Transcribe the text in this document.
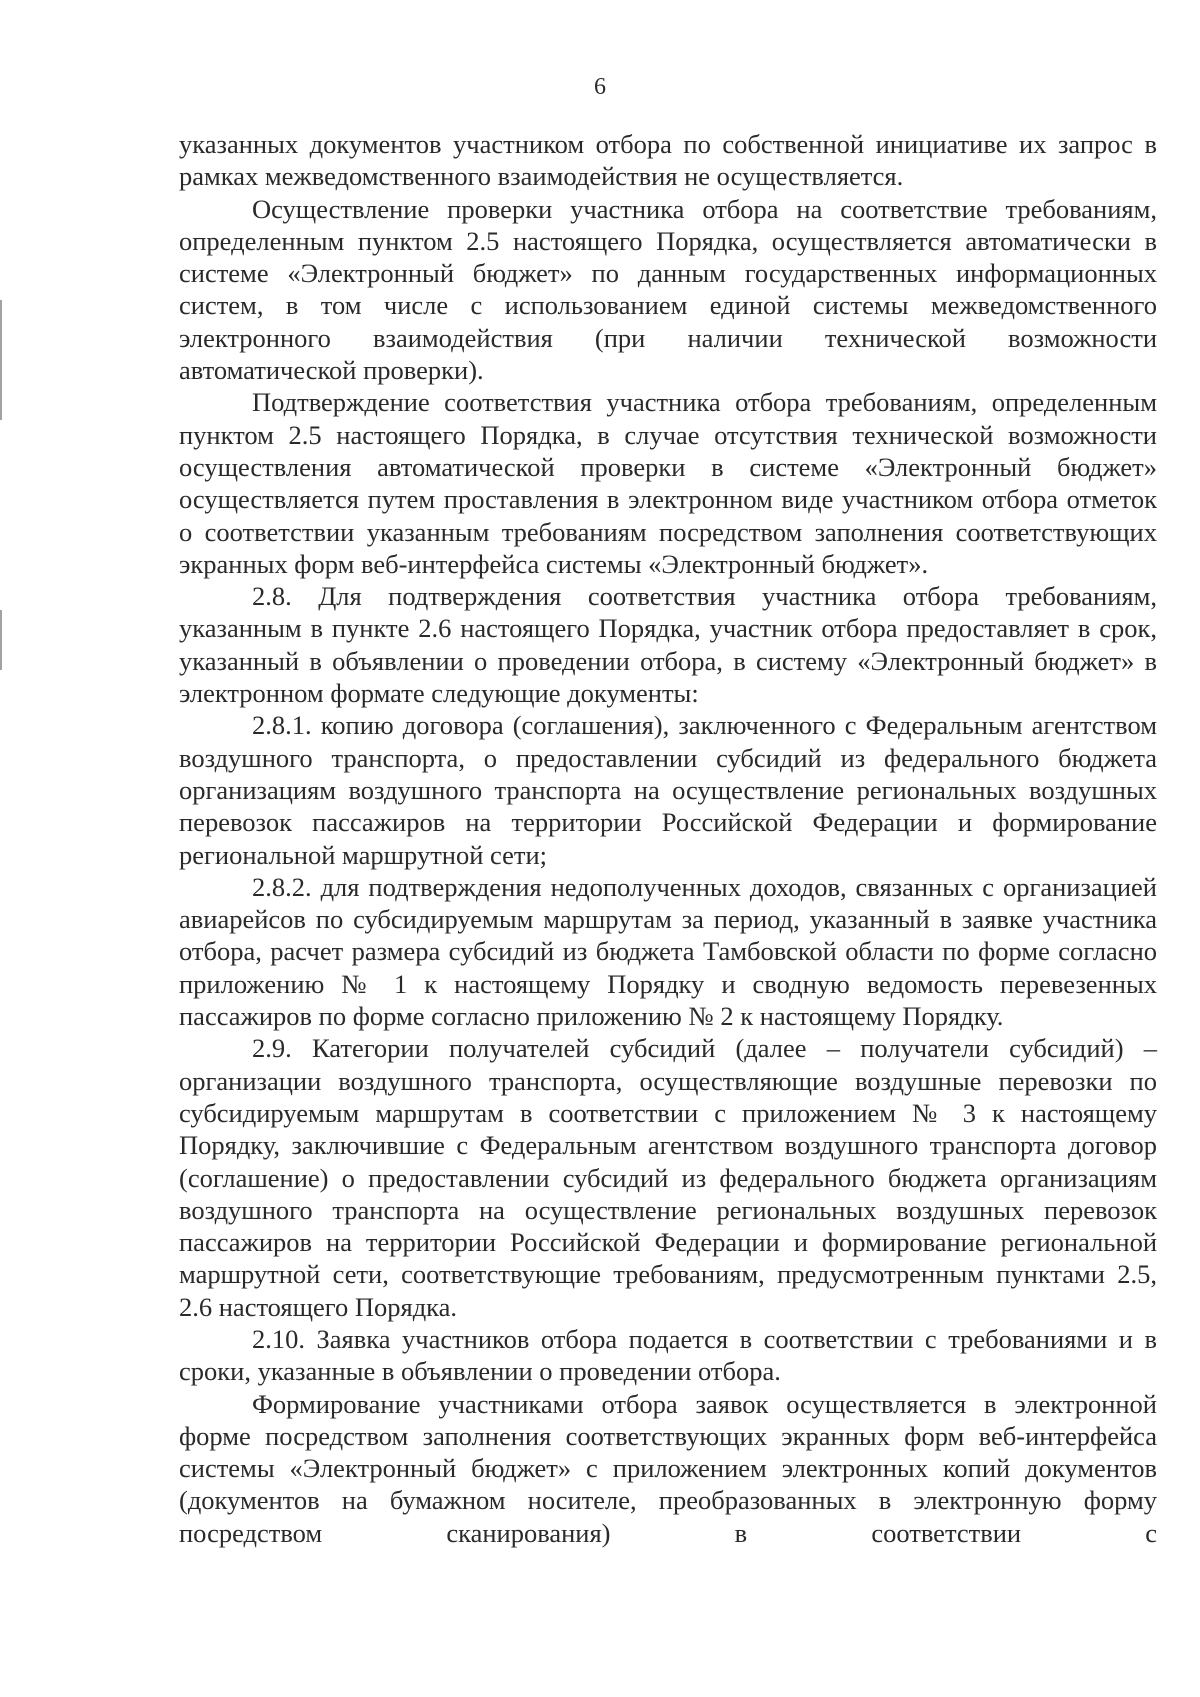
6

указанных документов участником отбора по собственной инициативе их запрос в рамках межведомственного взаимодействия не осуществляется.

Осуществление проверки участника отбора на соответствие требованиям, определенным пунктом 2.5 настоящего Порядка, осуществляется автоматически в системе «Электронный бюджет» по данным государственных информационных систем, в том числе с использованием единой системы межведомственного электронного взаимодействия (при наличии технической возможности автоматической проверки).

Подтверждение соответствия участника отбора требованиям, определенным пунктом 2.5 настоящего Порядка, в случае отсутствия технической возможности осуществления автоматической проверки в системе «Электронный бюджет» осуществляется путем проставления в электронном виде участником отбора отметок о соответствии указанным требованиям посредством заполнения соответствующих экранных форм веб-интерфейса системы «Электронный бюджет».

2.8. Для подтверждения соответствия участника отбора требованиям, указанным в пункте 2.6 настоящего Порядка, участник отбора предоставляет в срок, указанный в объявлении о проведении отбора, в систему «Электронный бюджет» в электронном формате следующие документы:

2.8.1. копию договора (соглашения), заключенного с Федеральным агентством воздушного транспорта, о предоставлении субсидий из федерального бюджета организациям воздушного транспорта на осуществление региональных воздушных перевозок пассажиров на территории Российской Федерации и формирование региональной маршрутной сети;

2.8.2. для подтверждения недополученных доходов, связанных с организацией авиарейсов по субсидируемым маршрутам за период, указанный в заявке участника отбора, расчет размера субсидий из бюджета Тамбовской области по форме согласно приложению № 1 к настоящему Порядку и сводную ведомость перевезенных пассажиров по форме согласно приложению № 2 к настоящему Порядку.

2.9. Категории получателей субсидий (далее – получатели субсидий) – организации воздушного транспорта, осуществляющие воздушные перевозки по субсидируемым маршрутам в соответствии с приложением № 3 к настоящему Порядку, заключившие с Федеральным агентством воздушного транспорта договор (соглашение) о предоставлении субсидий из федерального бюджета организациям воздушного транспорта на осуществление региональных воздушных перевозок пассажиров на территории Российской Федерации и формирование региональной маршрутной сети, соответствующие требованиям, предусмотренным пунктами 2.5, 2.6 настоящего Порядка.

2.10. Заявка участников отбора подается в соответствии с требованиями и в сроки, указанные в объявлении о проведении отбора.

Формирование участниками отбора заявок осуществляется в электронной форме посредством заполнения соответствующих экранных форм веб-интерфейса системы «Электронный бюджет» с приложением электронных копий документов (документов на бумажном носителе, преобразованных в электронную форму посредством сканирования) в соответствии с
